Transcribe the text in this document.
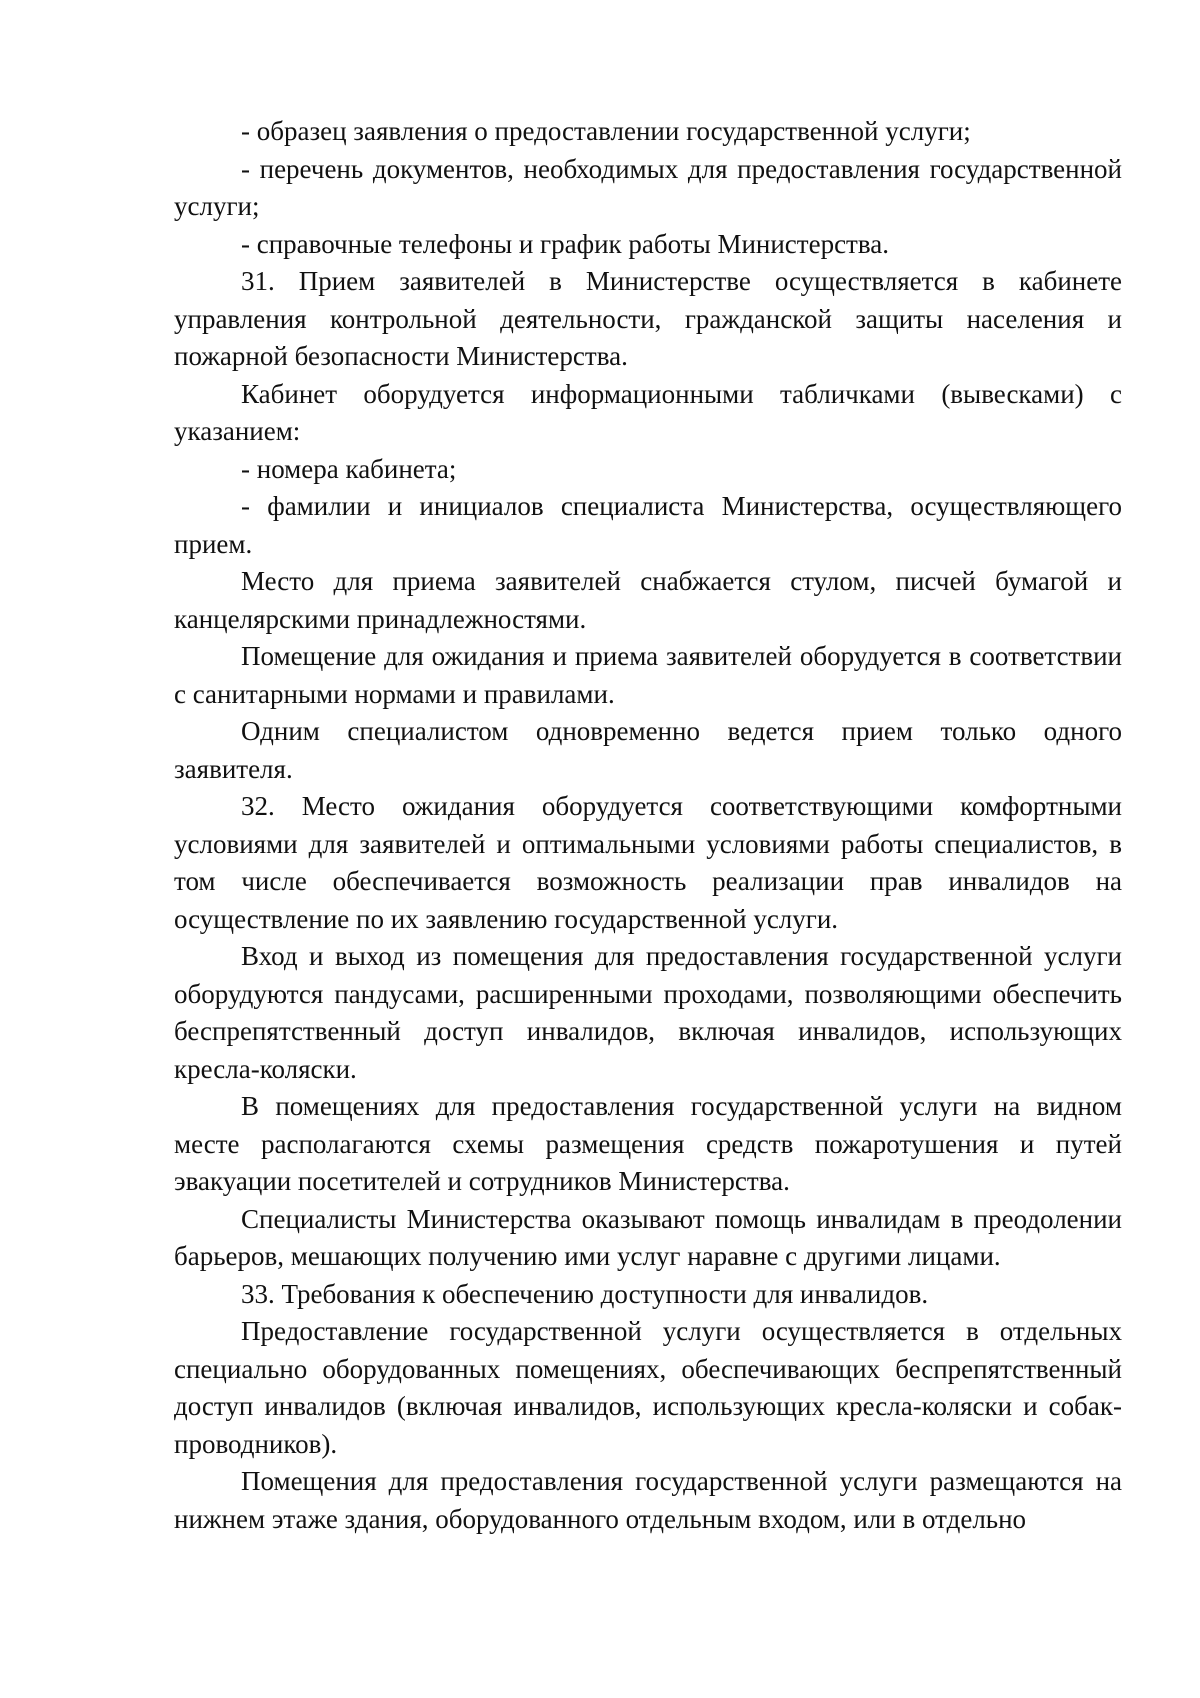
- образец заявления о предоставлении государственной услуги;

- перечень документов, необходимых для предоставления государственной услуги;

- справочные телефоны и график работы Министерства.

31. Прием заявителей в Министерстве осуществляется в кабинете управления контрольной деятельности, гражданской защиты населения и пожарной безопасности Министерства.

Кабинет оборудуется информационными табличками (вывесками) с указанием:

- номера кабинета;

- фамилии и инициалов специалиста Министерства, осуществляющего прием.

Место для приема заявителей снабжается стулом, писчей бумагой и канцелярскими принадлежностями.

Помещение для ожидания и приема заявителей оборудуется в соответствии с санитарными нормами и правилами.

Одним специалистом одновременно ведется прием только одного заявителя.

32. Место ожидания оборудуется соответствующими комфортными условиями для заявителей и оптимальными условиями работы специалистов, в том числе обеспечивается возможность реализации прав инвалидов на осуществление по их заявлению государственной услуги.

Вход и выход из помещения для предоставления государственной услуги оборудуются пандусами, расширенными проходами, позволяющими обеспечить беспрепятственный доступ инвалидов, включая инвалидов, использующих кресла-коляски.

В помещениях для предоставления государственной услуги на видном месте располагаются схемы размещения средств пожаротушения и путей эвакуации посетителей и сотрудников Министерства.

Специалисты Министерства оказывают помощь инвалидам в преодолении барьеров, мешающих получению ими услуг наравне с другими лицами.

33. Требования к обеспечению доступности для инвалидов.

Предоставление государственной услуги осуществляется в отдельных специально оборудованных помещениях, обеспечивающих беспрепятственный доступ инвалидов (включая инвалидов, использующих кресла-коляски и собак-проводников).

Помещения для предоставления государственной услуги размещаются на нижнем этаже здания, оборудованного отдельным входом, или в отдельно
